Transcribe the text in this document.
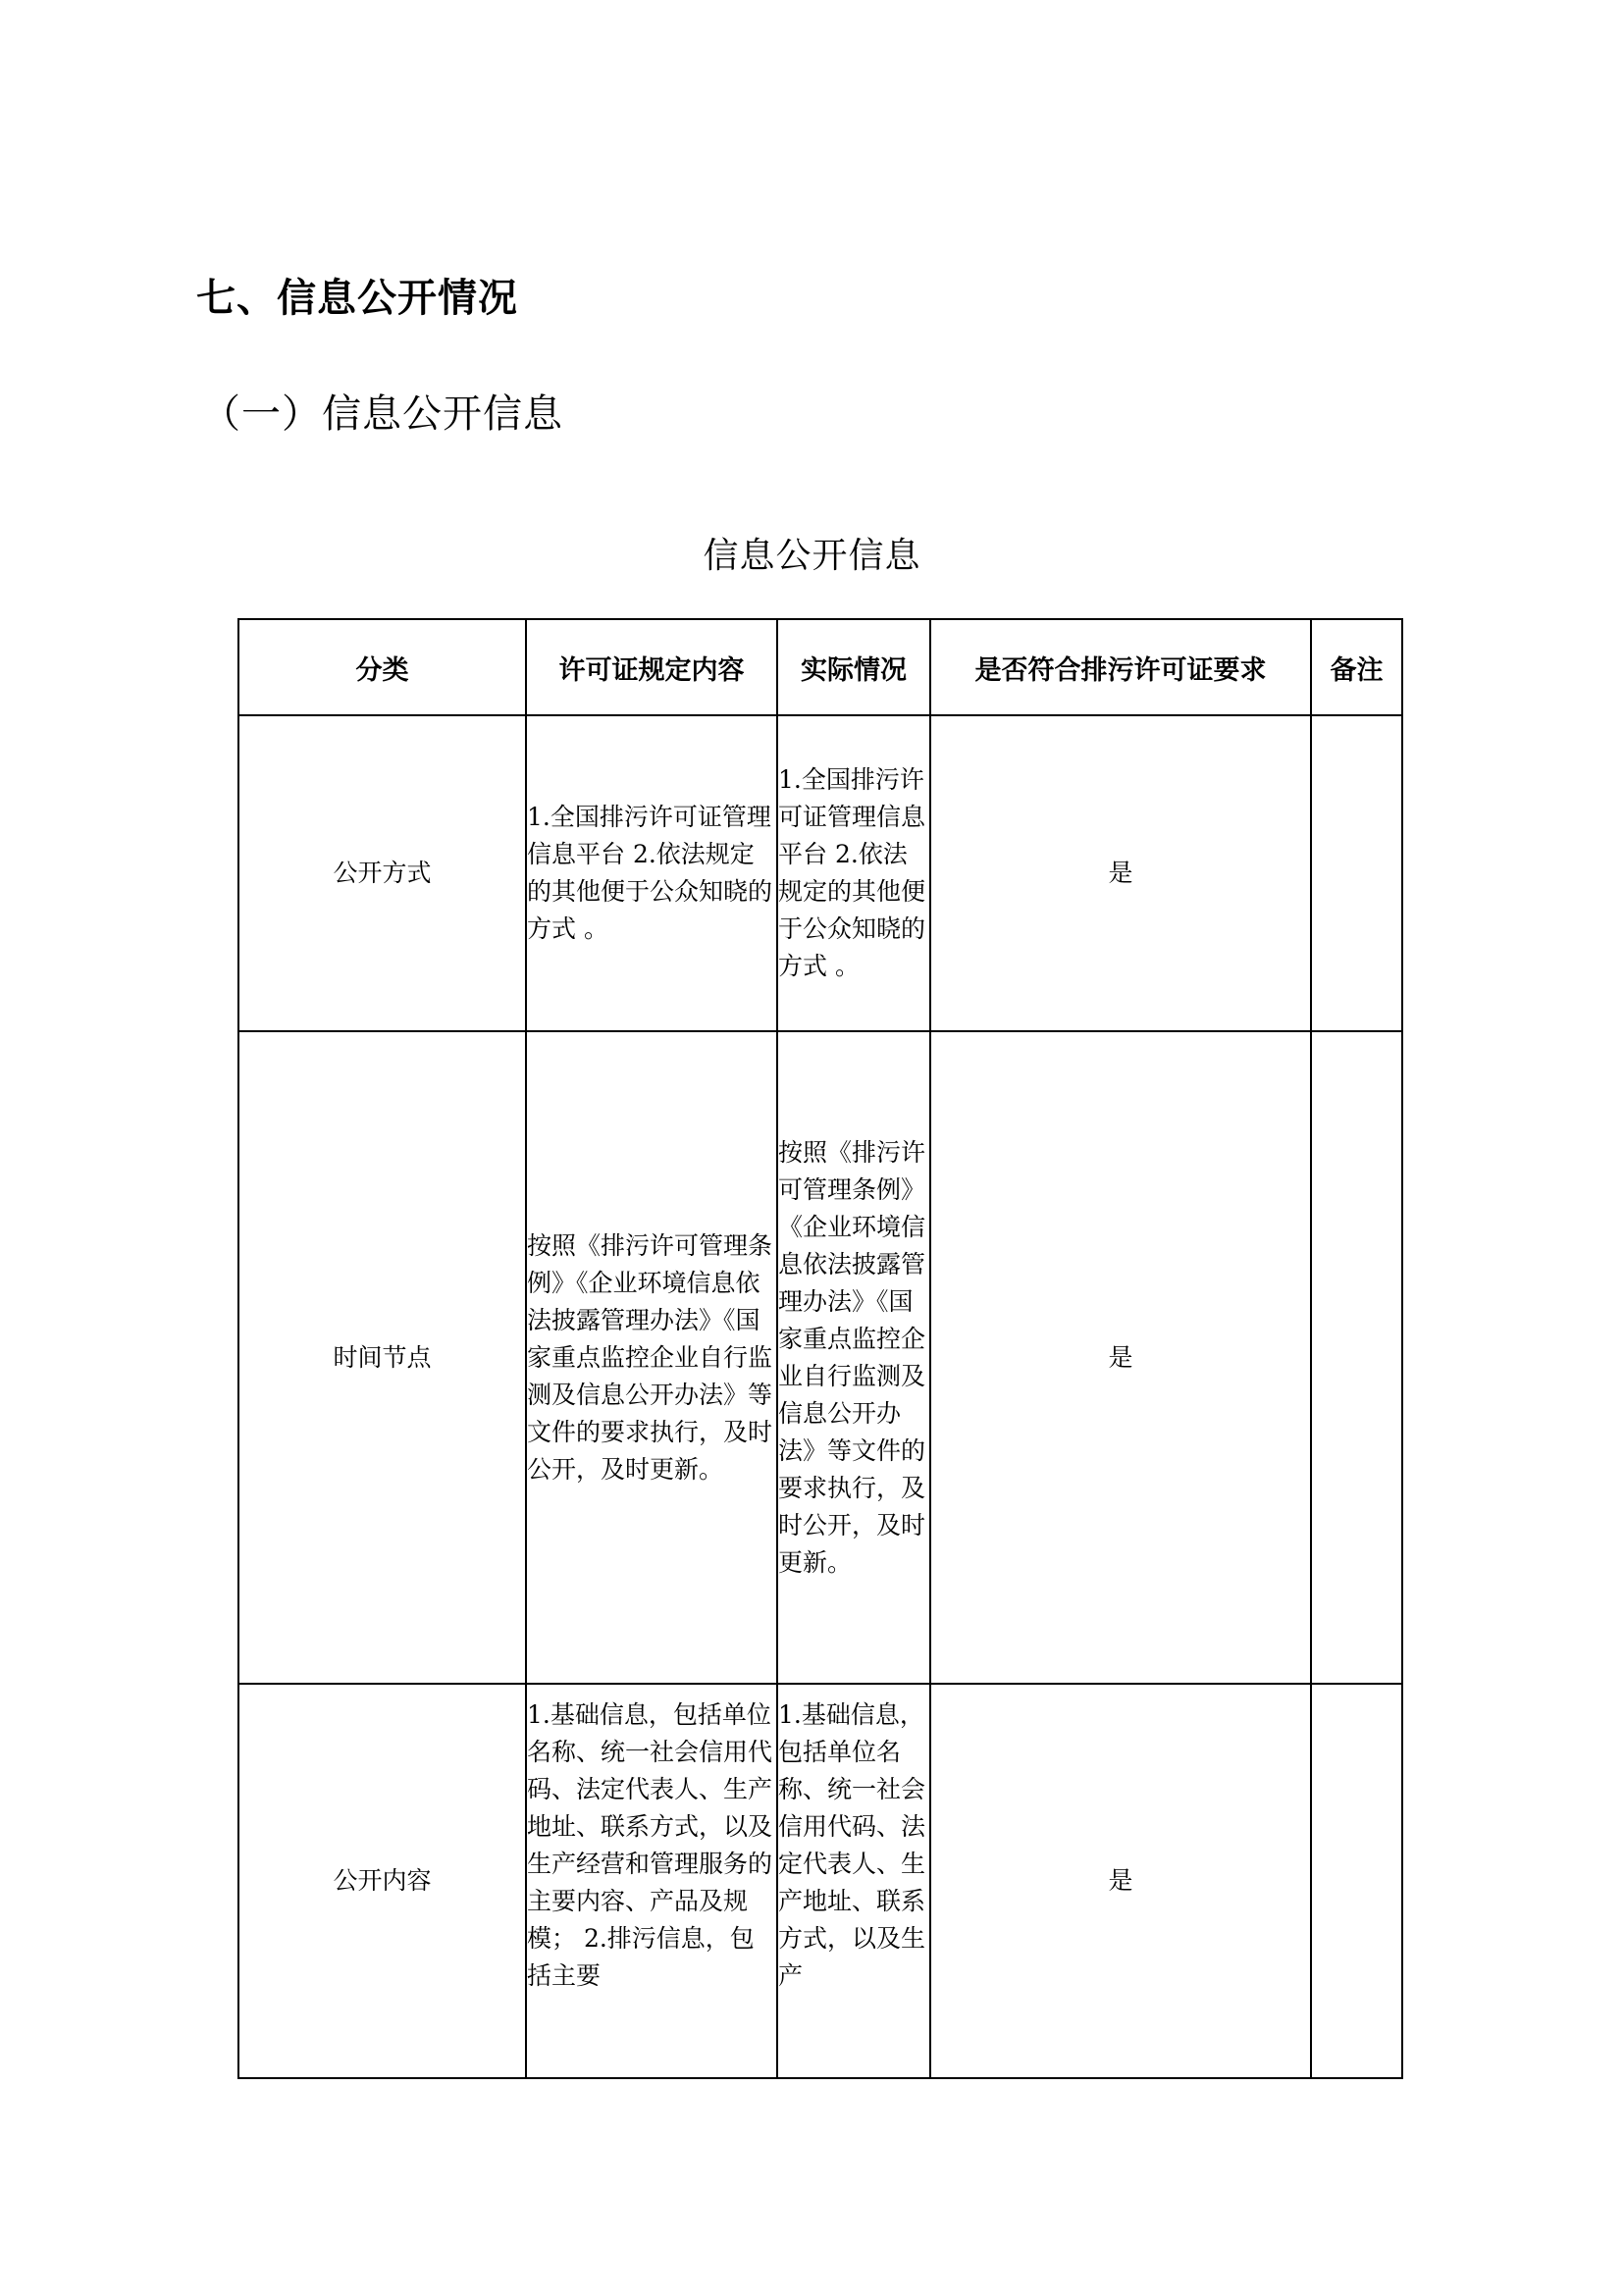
七、信息公开情况
（一）信息公开信息
信息公开信息
分类	许可证规定内容	实际情况	是否符合排污许可证要求	备注
公开方式	1.全国排污许可证管理信息平台 2.依法规定的其他便于公众知晓的方式 。	1.全国排污许可证管理信息平台 2.依法规定的其他便于公众知晓的方式 。	是	
时间节点	按照《排污许可管理条例》《企业环境信息依法披露管理办法》《国家重点监控企业自行监测及信息公开办法》等文件的要求执行，及时公开，及时更新。	按照《排污许可管理条例》《企业环境信息依法披露管理办法》《国家重点监控企业自行监测及信息公开办法》等文件的要求执行，及时公开，及时更新。	是	
公开内容	1.基础信息，包括单位名称、统一社会信用代码、法定代表人、生产地址、联系方式，以及生产经营和管理服务的主要内容、产品及规模； 2.排污信息，包括主要	1.基础信息，包括单位名称、统一社会信用代码、法定代表人、生产地址、联系方式，以及生产	是	
